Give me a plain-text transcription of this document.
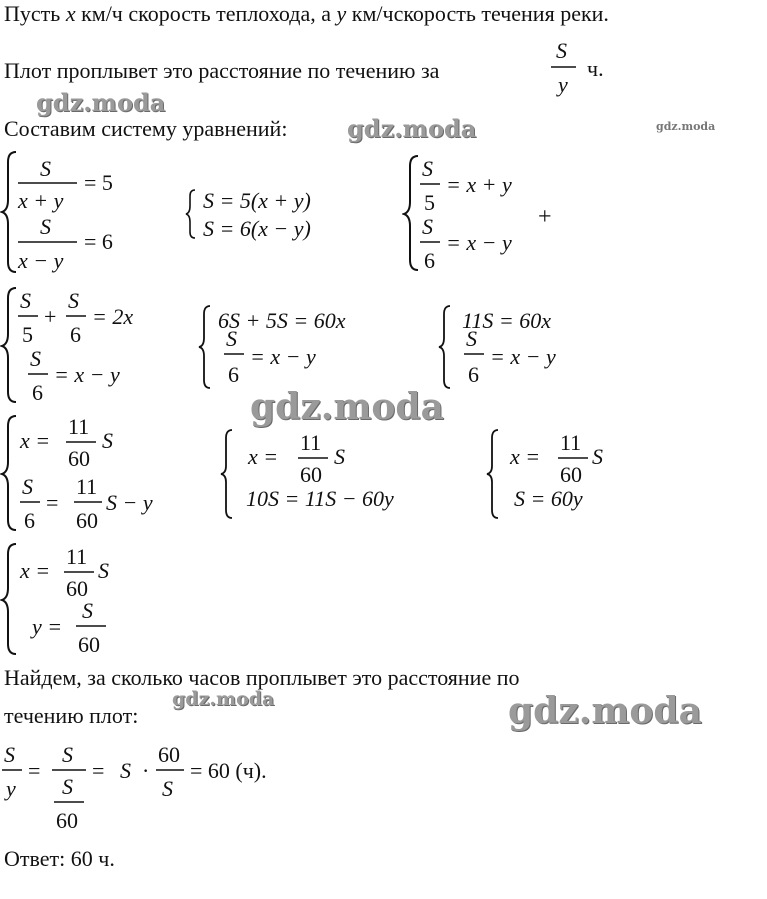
Пусть x км/ч скорость теплохода, а y км/чскорость течения реки.
Плот проплывет это расстояние по течению за
S
y
ч.
gdz.moda
gdz.moda	gdz.moda
gdz.moda
gdz.moda	gdz.moda
Составим систему уравнений:
S
x + y
= 5
S
x − y
= 6
S = 5(x + y)
S = 6(x − y)
S
5
= x + y
S
6
= x − y
+
S
5
+
S
6
= 2x
S
6
= x − y
6S + 5S = 60x
S
6
= x − y
11S = 60x
S
6
= x − y
x =
11
60
S
S
6
=
11
60
S − y
x =
11
60
S
10S = 11S − 60y
x =
11
60
S
S = 60y
x =
11
60
S
y =
S
60
Найдем, за сколько часов проплывет это расстояние по
течению плот:
S
y
=
S
S
60
= S ·
60
S
= 60 (ч).
Ответ: 60 ч.
